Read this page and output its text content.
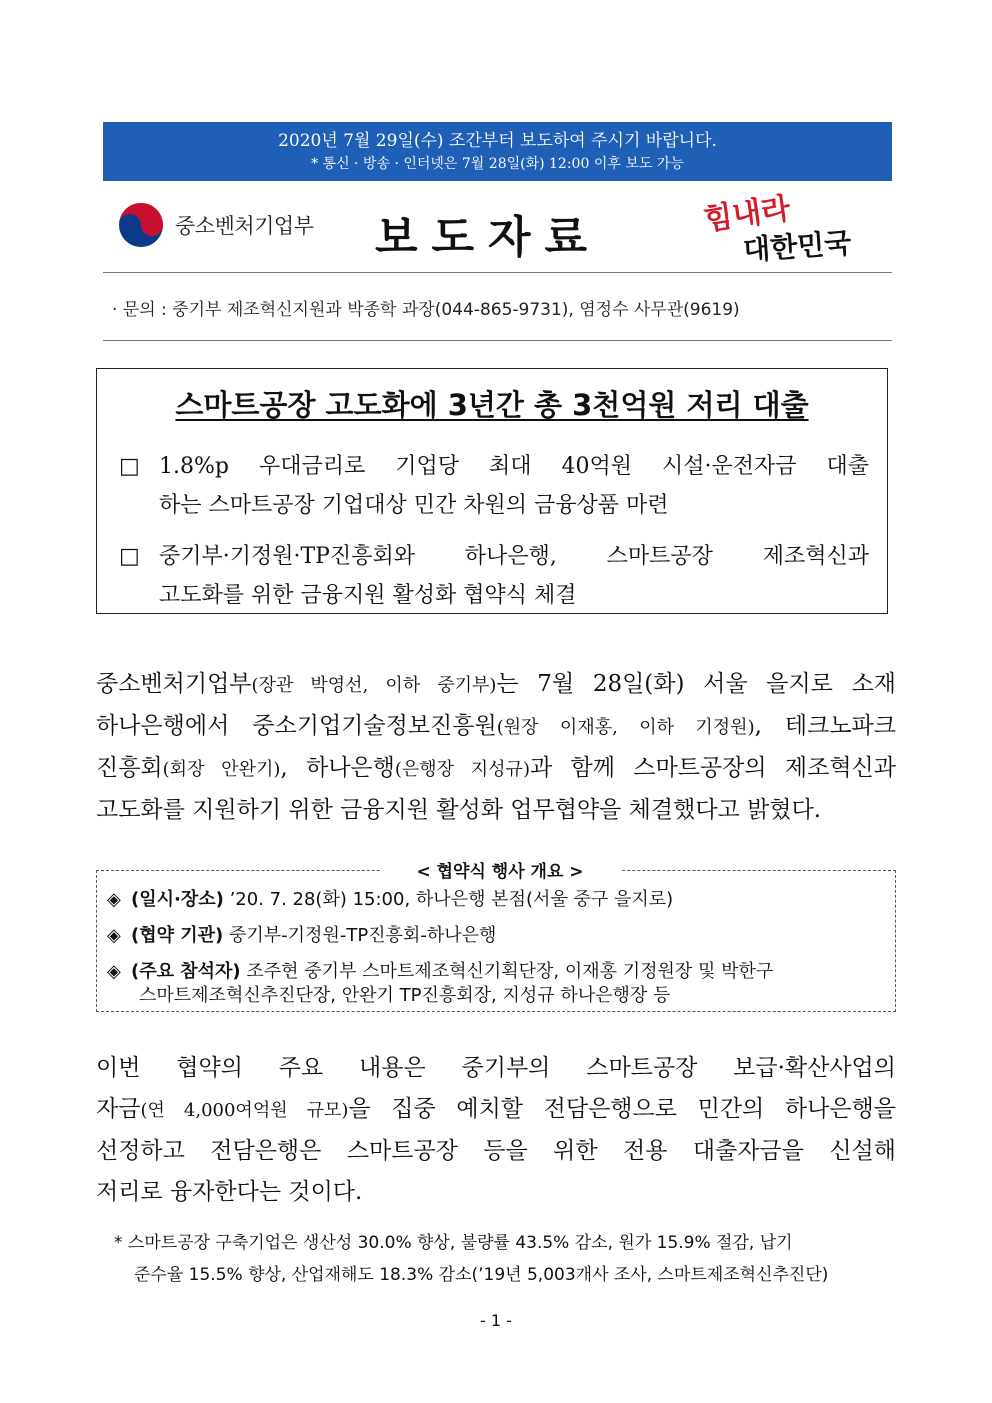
2020년 7월 29일(수) 조간부터 보도하여 주시기 바랍니다.
* 통신 · 방송 · 인터넷은 7월 28일(화) 12:00 이후 보도 가능
중소벤처기업부 보도자료	힘내라
대한민국
· 문의 : 중기부 제조혁신지원과 박종학 과장(044-865-9731), 염정수 사무관(9619)
스마트공장 고도화에 3년간 총 3천억원 저리 대출
□ 1.8%p 우대금리로 기업당 최대 40억원 시설·운전자금 대출
하는 스마트공장 기업대상 민간 차원의 금융상품 마련
□ 중기부·기정원·TP진흥회와 하나은행, 스마트공장 제조혁신과
고도화를 위한 금융지원 활성화 협약식 체결
중소벤처기업부(장관 박영선, 이하 중기부)는 7월 28일(화) 서울 을지로 소재
하나은행에서 중소기업기술정보진흥원(원장 이재홍, 이하 기정원), 테크노파크
진흥회(회장 안완기), 하나은행(은행장 지성규)과 함께 스마트공장의 제조혁신과
고도화를 지원하기 위한 금융지원 활성화 업무협약을 체결했다고 밝혔다.
< 협약식 행사 개요 >
◈ (일시·장소) ’20. 7. 28(화) 15:00, 하나은행 본점(서울 중구 을지로)
◈ (협약 기관) 중기부-기정원-TP진흥회-하나은행
◈ (주요 참석자) 조주현 중기부 스마트제조혁신기획단장, 이재홍 기정원장 및 박한구
스마트제조혁신추진단장, 안완기 TP진흥회장, 지성규 하나은행장 등
이번 협약의 주요 내용은 중기부의 스마트공장 보급·확산사업의
자금(연 4,000여억원 규모)을 집중 예치할 전담은행으로 민간의 하나은행을
선정하고 전담은행은 스마트공장 등을 위한 전용 대출자금을 신설해
저리로 융자한다는 것이다.
* 스마트공장 구축기업은 생산성 30.0% 향상, 불량률 43.5% 감소, 원가 15.9% 절감, 납기
준수율 15.5% 향상, 산업재해도 18.3% 감소(’19년 5,003개사 조사, 스마트제조혁신추진단)
- 1 -
